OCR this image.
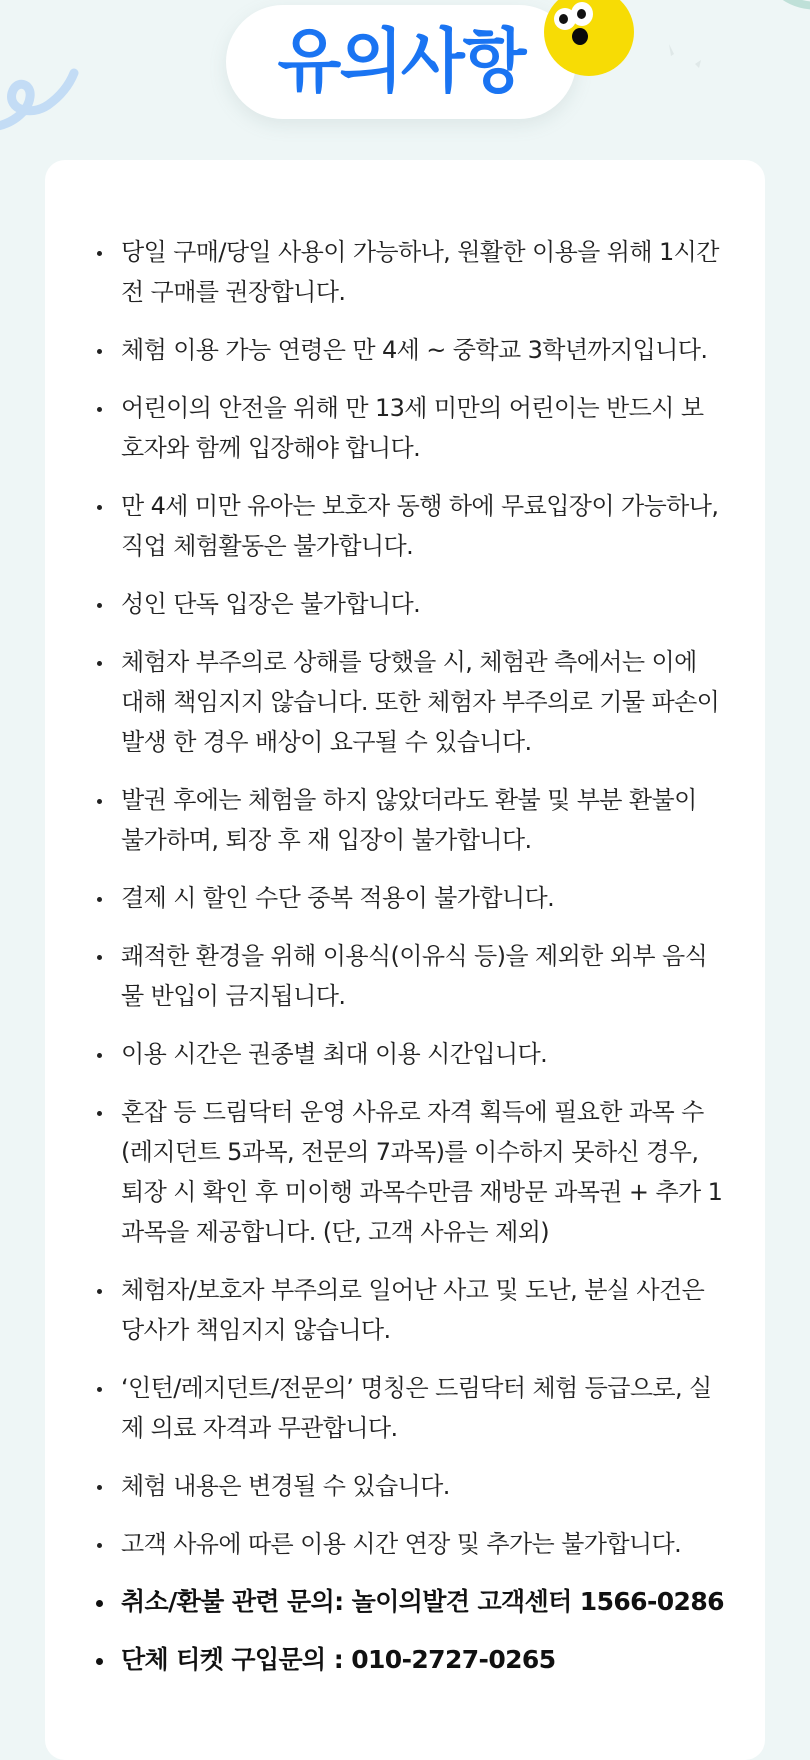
유의사항
당일 구매/당일 사용이 가능하나, 원활한 이용을 위해 1시간 전 구매를 권장합니다.
체험 이용 가능 연령은 만 4세 ~ 중학교 3학년까지입니다.
어린이의 안전을 위해 만 13세 미만의 어린이는 반드시 보호자와 함께 입장해야 합니다.
만 4세 미만 유아는 보호자 동행 하에 무료입장이 가능하나, 직업 체험활동은 불가합니다.
성인 단독 입장은 불가합니다.
체험자 부주의로 상해를 당했을 시, 체험관 측에서는 이에 대해 책임지지 않습니다. 또한 체험자 부주의로 기물 파손이 발생 한 경우 배상이 요구될 수 있습니다.
발권 후에는 체험을 하지 않았더라도 환불 및 부분 환불이 불가하며, 퇴장 후 재 입장이 불가합니다.
결제 시 할인 수단 중복 적용이 불가합니다.
쾌적한 환경을 위해 이용식(이유식 등)을 제외한 외부 음식물 반입이 금지됩니다.
이용 시간은 권종별 최대 이용 시간입니다.
혼잡 등 드림닥터 운영 사유로 자격 획득에 필요한 과목 수(레지던트 5과목, 전문의 7과목)를 이수하지 못하신 경우, 퇴장 시 확인 후 미이행 과목수만큼 재방문 과목권 + 추가 1과목을 제공합니다. (단, 고객 사유는 제외)
체험자/보호자 부주의로 일어난 사고 및 도난, 분실 사건은 당사가 책임지지 않습니다.
‘인턴/레지던트/전문의’ 명칭은 드림닥터 체험 등급으로, 실제 의료 자격과 무관합니다.
체험 내용은 변경될 수 있습니다.
고객 사유에 따른 이용 시간 연장 및 추가는 불가합니다.
취소/환불 관련 문의: 놀이의발견 고객센터 1566-0286
단체 티켓 구입문의 : 010-2727-0265
